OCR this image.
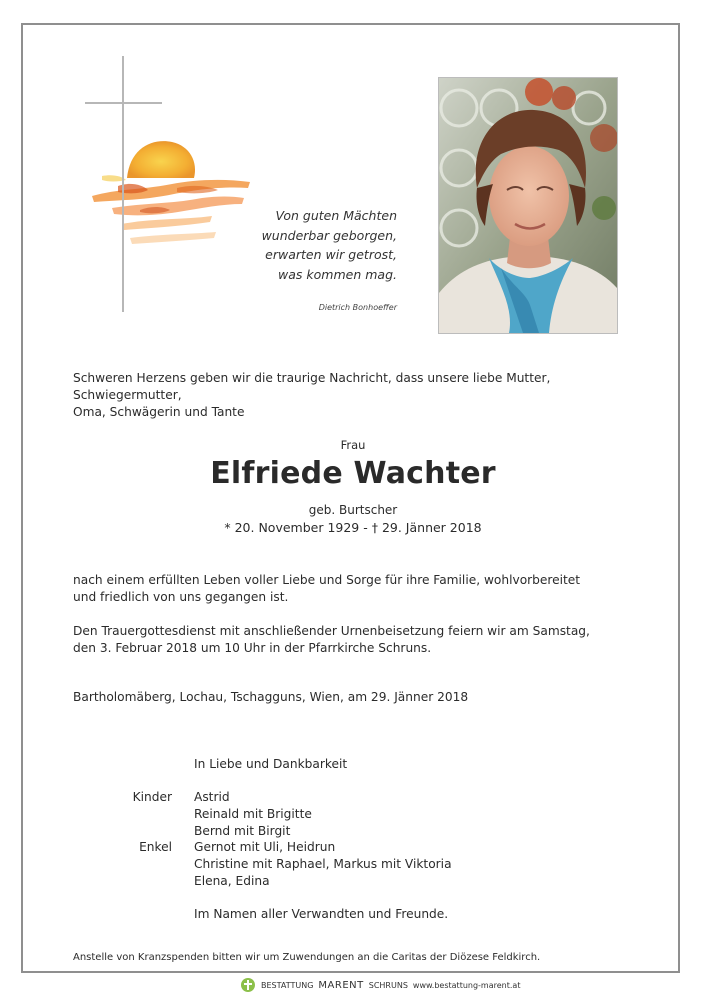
Von guten Mächten
wunderbar geborgen,
erwarten wir getrost,
was kommen mag.
Dietrich Bonhoeffer
Schweren Herzens geben wir die traurige Nachricht, dass unsere liebe Mutter, Schwiegermutter,
Oma, Schwägerin und Tante
Frau
Elfriede Wachter
geb. Burtscher
* 20. November 1929 - † 29. Jänner 2018
nach einem erfüllten Leben voller Liebe und Sorge für ihre Familie, wohlvorbereitet
und friedlich von uns gegangen ist.
Den Trauergottesdienst mit anschließender Urnenbeisetzung feiern wir am Samstag,
den 3. Februar 2018 um 10 Uhr in der Pfarrkirche Schruns.
Bartholomäberg, Lochau, Tschagguns, Wien, am 29. Jänner 2018
In Liebe und Dankbarkeit
Kinder Astrid
Reinald mit Brigitte
Bernd mit Birgit
Enkel Gernot mit Uli, Heidrun
Christine mit Raphael, Markus mit Viktoria
Elena, Edina
Im Namen aller Verwandten und Freunde.
Anstelle von Kranzspenden bitten wir um Zuwendungen an die Caritas der Diözese Feldkirch.
BESTATTUNG MARENT SCHRUNS www.bestattung-marent.at
